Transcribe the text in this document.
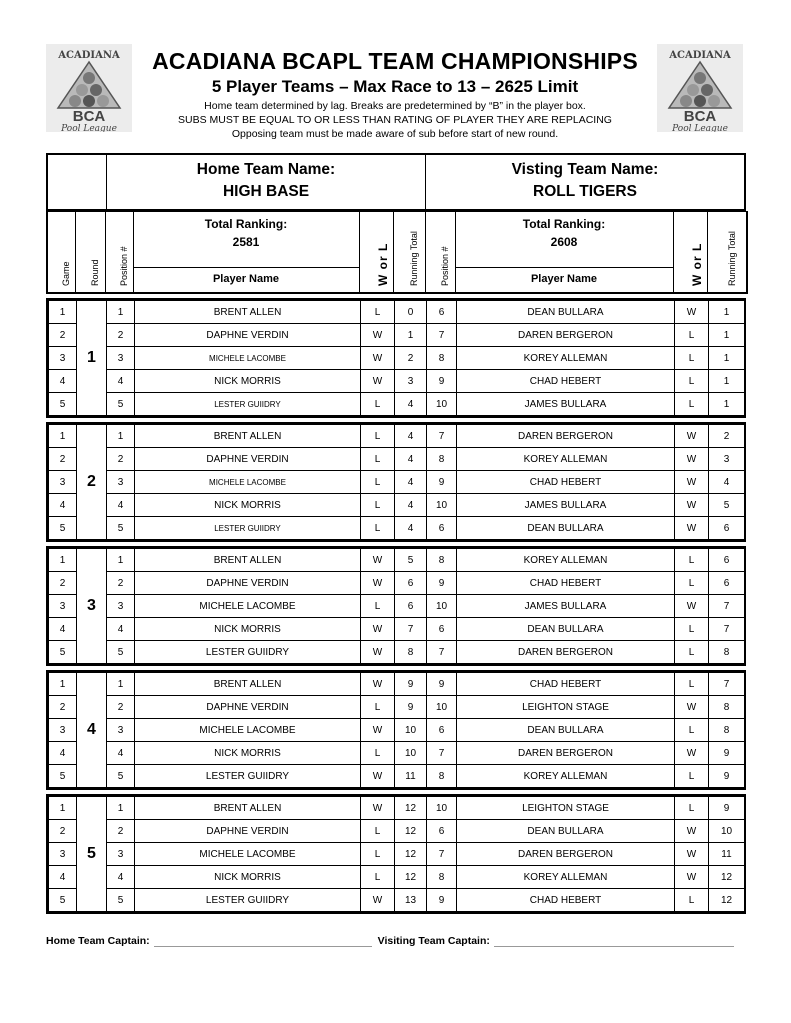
ACADIANA
BCA
Pool League
ACADIANA
BCA
Pool League
ACADIANA BCAPL TEAM CHAMPIONSHIPS
5 Player Teams – Max Race to 13 – 2625 Limit
Home team determined by lag. Breaks are predetermined by “B” in the player box.
SUBS MUST BE EQUAL TO OR LESS THAN RATING OF PLAYER THEY ARE REPLACING
Opposing team must be made aware of sub before start of new round.
Home Team Name:
HIGH BASE
Visting Team Name:
ROLL TIGERS
Game	Round	Position #

Total Ranking:
2581
Player Name	W or L	Running Total	Position #

Total Ranking:
2608
Player Name	W or L	Running Total
1	1	1	BRENT ALLEN	L	0	6	DEAN BULLARA	W	1
2		2	DAPHNE VERDIN	W	1	7	DAREN BERGERON	L	1
3		3	MICHELE LACOMBE	W	2	8	KOREY ALLEMAN	L	1
4		4	NICK MORRIS	W	3	9	CHAD HEBERT	L	1
5		5	LESTER GUIIDRY	L	4	10	JAMES BULLARA	L	1
1	2	1	BRENT ALLEN	L	4	7	DAREN BERGERON	W	2
2		2	DAPHNE VERDIN	L	4	8	KOREY ALLEMAN	W	3
3		3	MICHELE LACOMBE	L	4	9	CHAD HEBERT	W	4
4		4	NICK MORRIS	L	4	10	JAMES BULLARA	W	5
5		5	LESTER GUIIDRY	L	4	6	DEAN BULLARA	W	6
1	3	1	BRENT ALLEN	W	5	8	KOREY ALLEMAN	L	6
2		2	DAPHNE VERDIN	W	6	9	CHAD HEBERT	L	6
3		3	MICHELE LACOMBE	L	6	10	JAMES BULLARA	W	7
4		4	NICK MORRIS	W	7	6	DEAN BULLARA	L	7
5		5	LESTER GUIIDRY	W	8	7	DAREN BERGERON	L	8
1	4	1	BRENT ALLEN	W	9	9	CHAD HEBERT	L	7
2		2	DAPHNE VERDIN	L	9	10	LEIGHTON STAGE	W	8
3		3	MICHELE LACOMBE	W	10	6	DEAN BULLARA	L	8
4		4	NICK MORRIS	L	10	7	DAREN BERGERON	W	9
5		5	LESTER GUIIDRY	W	11	8	KOREY ALLEMAN	L	9
1	5	1	BRENT ALLEN	W	12	10	LEIGHTON STAGE	L	9
2		2	DAPHNE VERDIN	L	12	6	DEAN BULLARA	W	10
3		3	MICHELE LACOMBE	L	12	7	DAREN BERGERON	W	11
4		4	NICK MORRIS	L	12	8	KOREY ALLEMAN	W	12
5		5	LESTER GUIIDRY	W	13	9	CHAD HEBERT	L	12
Home Team Captain:	Visiting Team Captain:
